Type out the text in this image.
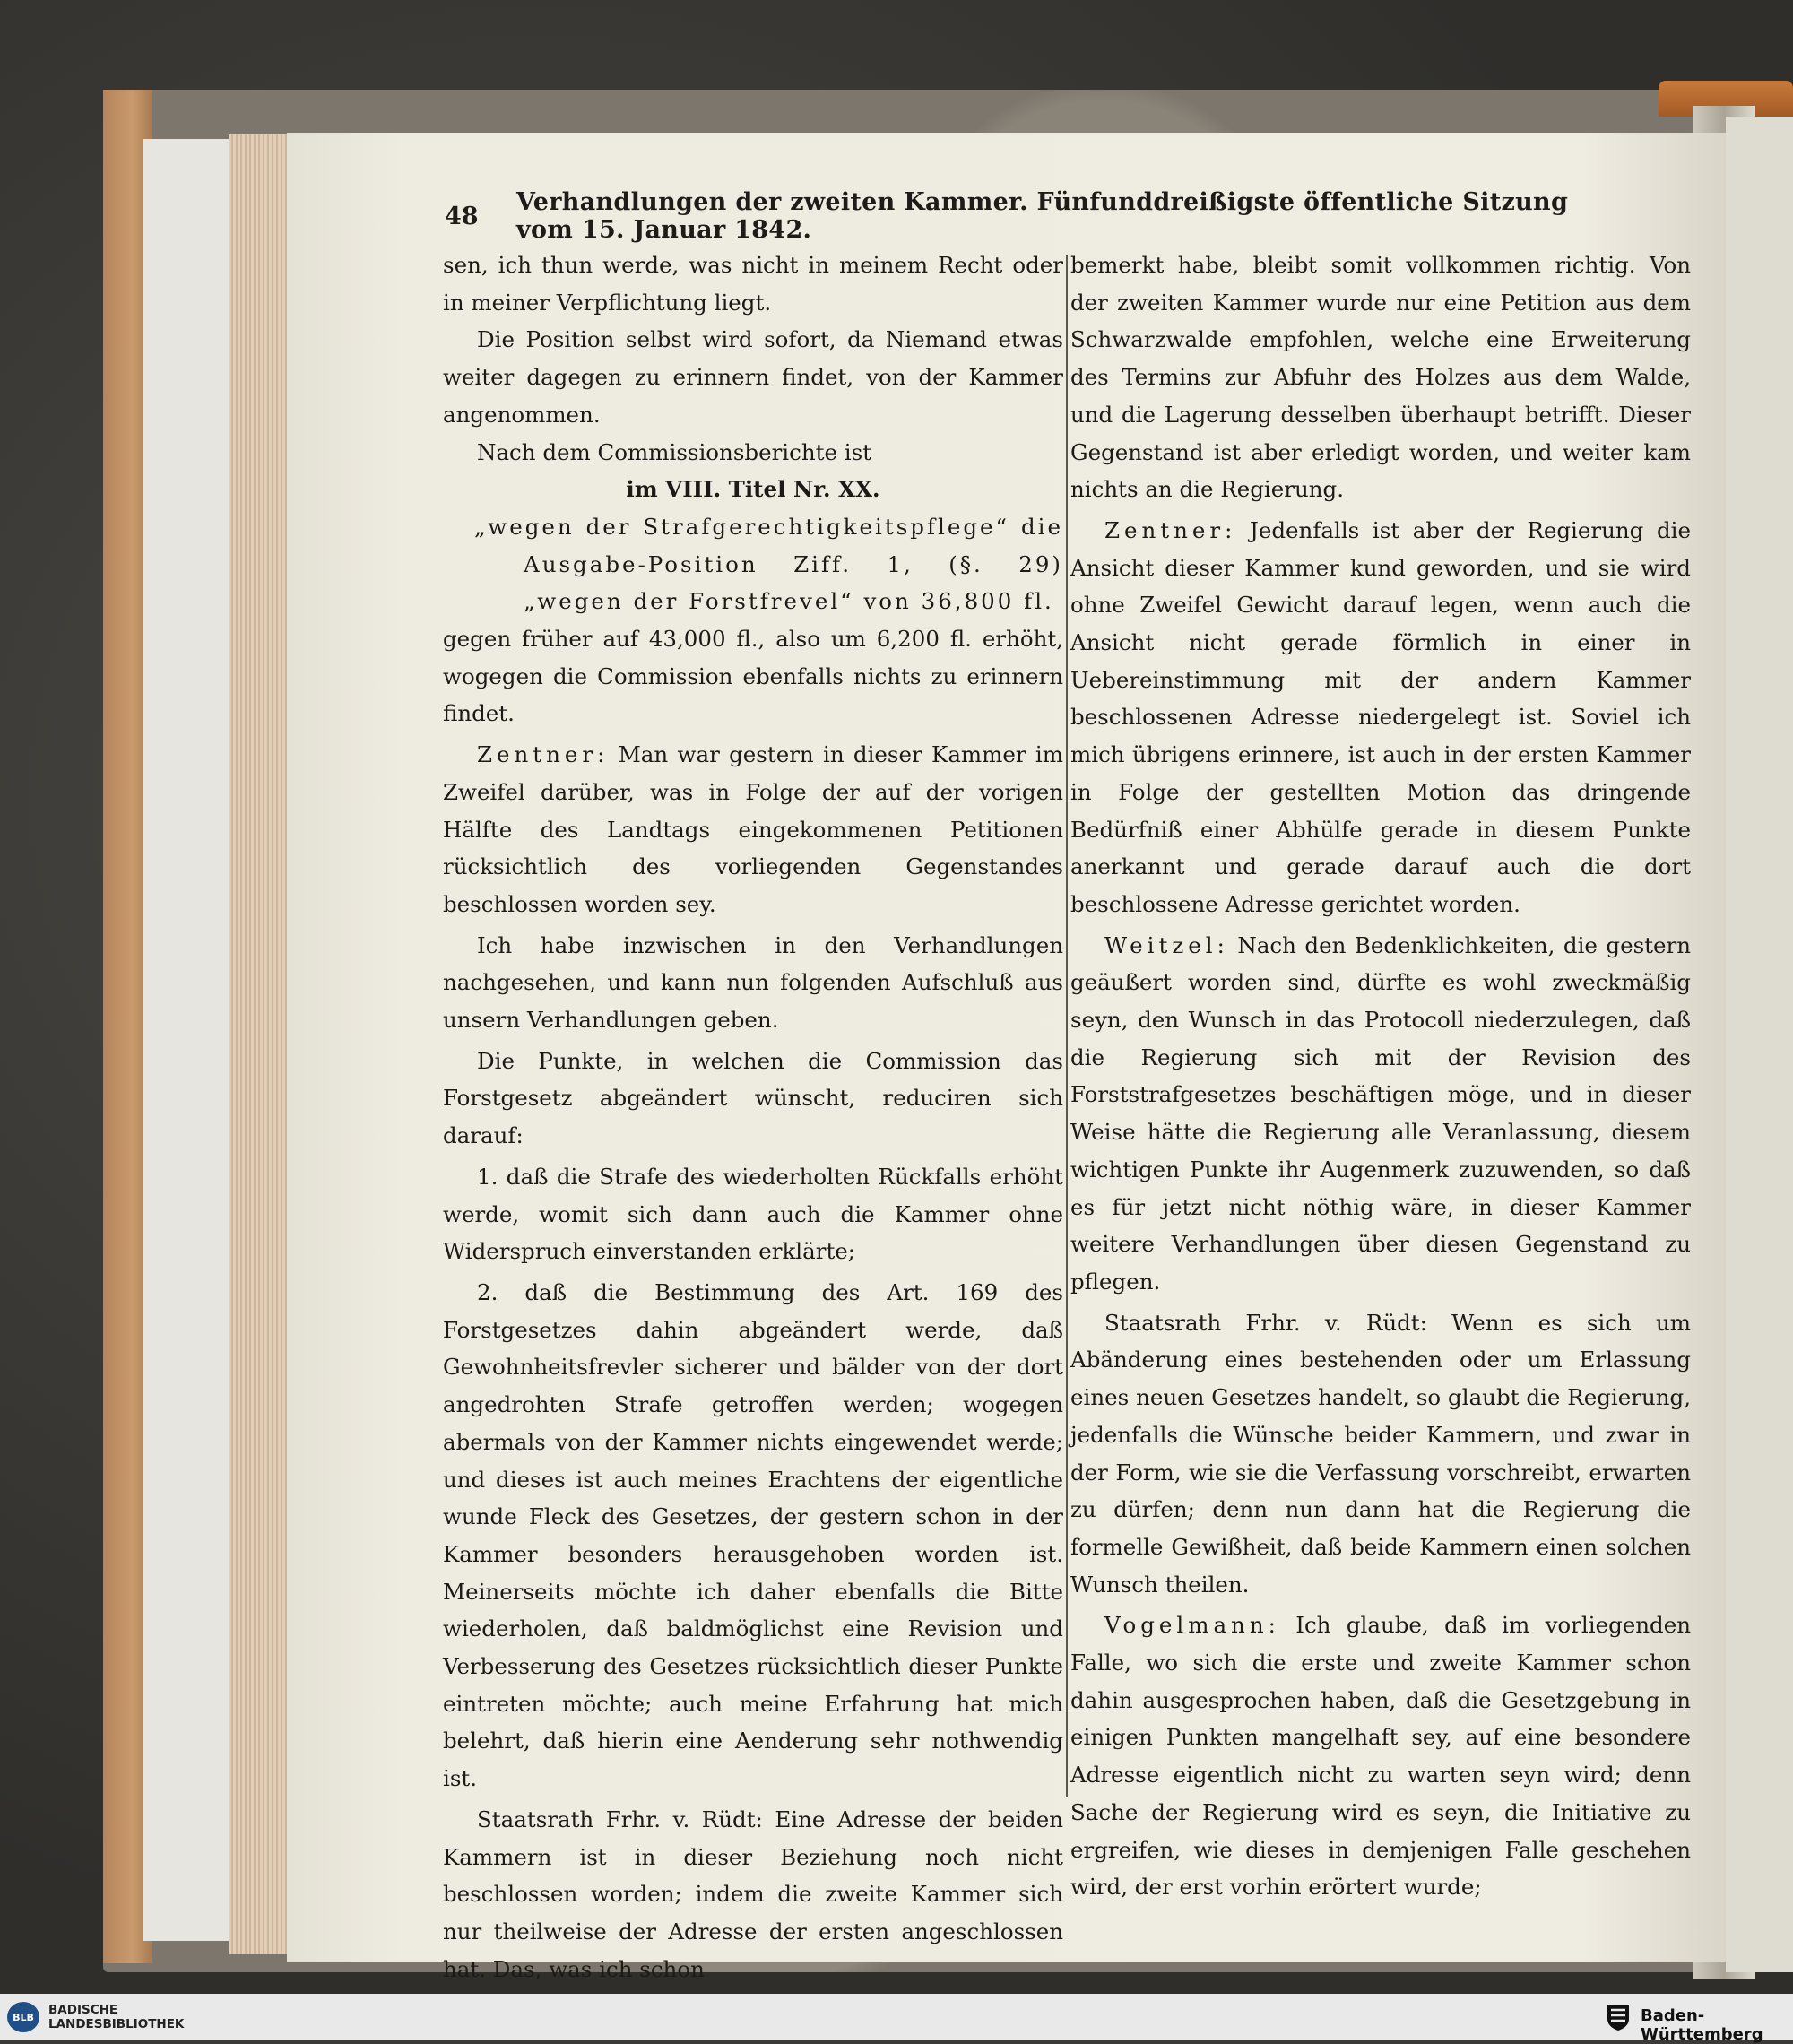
48	Verhandlungen der zweiten Kammer. Fünfunddreißigste öffentliche Sitzung vom 15. Januar 1842.

sen, ich thun werde, was nicht in meinem Recht oder in meiner Verpflichtung liegt.

Die Position selbst wird sofort, da Niemand etwas weiter dagegen zu erinnern findet, von der Kammer angenommen.

Nach dem Commissionsberichte ist

im VIII. Titel Nr. XX.

„wegen der Strafgerechtigkeitspflege“ die Ausgabe-Position Ziff. 1, (§. 29) „wegen der Forstfrevel“ von 36,800 fl.

gegen früher auf 43,000 fl., also um 6,200 fl. erhöht, wogegen die Commission ebenfalls nichts zu erinnern findet.

Zentner: Man war gestern in dieser Kammer im Zweifel darüber, was in Folge der auf der vorigen Hälfte des Landtags eingekommenen Petitionen rücksichtlich des vorliegenden Gegenstandes beschlossen worden sey.

Ich habe inzwischen in den Verhandlungen nachgesehen, und kann nun folgenden Aufschluß aus unsern Verhandlungen geben.

Die Punkte, in welchen die Commission das Forstgesetz abgeändert wünscht, reduciren sich darauf:

1. daß die Strafe des wiederholten Rückfalls erhöht werde, womit sich dann auch die Kammer ohne Widerspruch einverstanden erklärte;

2. daß die Bestimmung des Art. 169 des Forstgesetzes dahin abgeändert werde, daß Gewohnheitsfrevler sicherer und bälder von der dort angedrohten Strafe getroffen werden; wogegen abermals von der Kammer nichts eingewendet werde; und dieses ist auch meines Erachtens der eigentliche wunde Fleck des Gesetzes, der gestern schon in der Kammer besonders herausgehoben worden ist. Meinerseits möchte ich daher ebenfalls die Bitte wiederholen, daß baldmöglichst eine Revision und Verbesserung des Gesetzes rücksichtlich dieser Punkte eintreten möchte; auch meine Erfahrung hat mich belehrt, daß hierin eine Aenderung sehr nothwendig ist.

Staatsrath Frhr. v. Rüdt: Eine Adresse der beiden Kammern ist in dieser Beziehung noch nicht beschlossen worden; indem die zweite Kammer sich nur theilweise der Adresse der ersten angeschlossen hat. Das, was ich schon

bemerkt habe, bleibt somit vollkommen richtig. Von der zweiten Kammer wurde nur eine Petition aus dem Schwarzwalde empfohlen, welche eine Erweiterung des Termins zur Abfuhr des Holzes aus dem Walde, und die Lagerung desselben überhaupt betrifft. Dieser Gegenstand ist aber erledigt worden, und weiter kam nichts an die Regierung.

Zentner: Jedenfalls ist aber der Regierung die Ansicht dieser Kammer kund geworden, und sie wird ohne Zweifel Gewicht darauf legen, wenn auch die Ansicht nicht gerade förmlich in einer in Uebereinstimmung mit der andern Kammer beschlossenen Adresse niedergelegt ist. Soviel ich mich übrigens erinnere, ist auch in der ersten Kammer in Folge der gestellten Motion das dringende Bedürfniß einer Abhülfe gerade in diesem Punkte anerkannt und gerade darauf auch die dort beschlossene Adresse gerichtet worden.

Weitzel: Nach den Bedenklichkeiten, die gestern geäußert worden sind, dürfte es wohl zweckmäßig seyn, den Wunsch in das Protocoll niederzulegen, daß die Regierung sich mit der Revision des Forststrafgesetzes beschäftigen möge, und in dieser Weise hätte die Regierung alle Veranlassung, diesem wichtigen Punkte ihr Augenmerk zuzuwenden, so daß es für jetzt nicht nöthig wäre, in dieser Kammer weitere Verhandlungen über diesen Gegenstand zu pflegen.

Staatsrath Frhr. v. Rüdt: Wenn es sich um Abänderung eines bestehenden oder um Erlassung eines neuen Gesetzes handelt, so glaubt die Regierung, jedenfalls die Wünsche beider Kammern, und zwar in der Form, wie sie die Verfassung vorschreibt, erwarten zu dürfen; denn nun dann hat die Regierung die formelle Gewißheit, daß beide Kammern einen solchen Wunsch theilen.

Vogelmann: Ich glaube, daß im vorliegenden Falle, wo sich die erste und zweite Kammer schon dahin ausgesprochen haben, daß die Gesetzgebung in einigen Punkten mangelhaft sey, auf eine besondere Adresse eigentlich nicht zu warten seyn wird; denn Sache der Regierung wird es seyn, die Initiative zu ergreifen, wie dieses in demjenigen Falle geschehen wird, der erst vorhin erörtert wurde;

BLB	BADISCHE
LANDESBIBLIOTHEK	Baden-Württemberg
